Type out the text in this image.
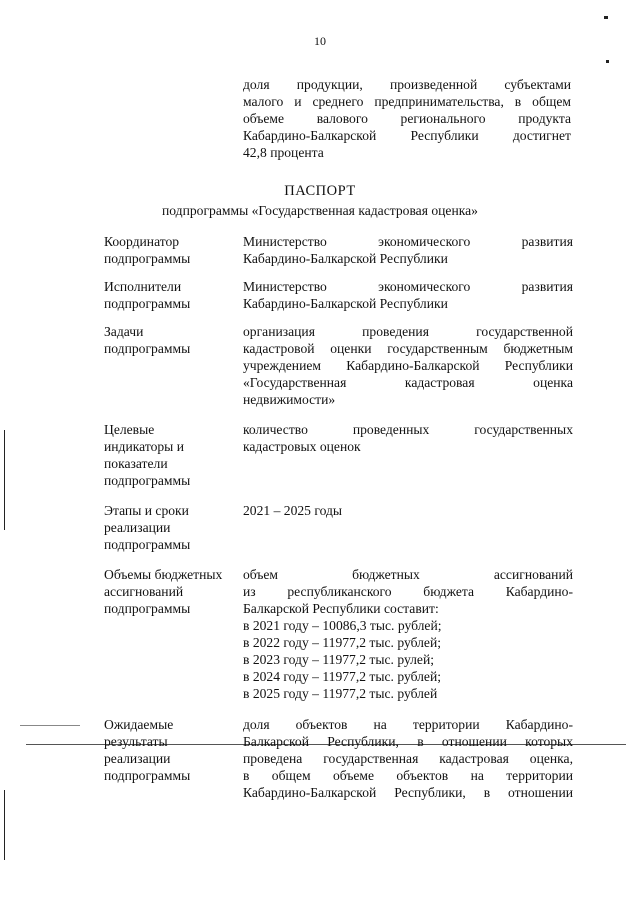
10
доля продукции, произведенной субъектами
малого и среднего предпринимательства, в общем
объеме валового регионального продукта
Кабардино-Балкарской Республики достигнет
42,8 процента
ПАСПОРТ
подпрограммы «Государственная кадастровая оценка»
Координатор
подпрограммы
Министерство экономического развития
Кабардино-Балкарской Республики
Исполнители
подпрограммы
Министерство экономического развития
Кабардино-Балкарской Республики
Задачи
подпрограммы
организация проведения государственной
кадастровой оценки государственным бюджетным
учреждением Кабардино-Балкарской Республики
«Государственная кадастровая оценка
недвижимости»
Целевые
индикаторы и
показатели
подпрограммы
количество проведенных государственных
кадастровых оценок
Этапы и сроки
реализации
подпрограммы
2021 – 2025 годы
Объемы бюджетных
ассигнований
подпрограммы
объем бюджетных ассигнований
из республиканского бюджета Кабардино-
Балкарской Республики составит:
в 2021 году – 10086,3 тыс. рублей;
в 2022 году – 11977,2 тыс. рублей;
в 2023 году – 11977,2 тыс. рулей;
в 2024 году – 11977,2 тыс. рублей;
в 2025 году – 11977,2 тыс. рублей
Ожидаемые
результаты
реализации
подпрограммы
доля объектов на территории Кабардино-
Балкарской Республики, в отношении которых
проведена государственная кадастровая оценка,
в общем объеме объектов на территории
Кабардино-Балкарской Республики, в отношении
